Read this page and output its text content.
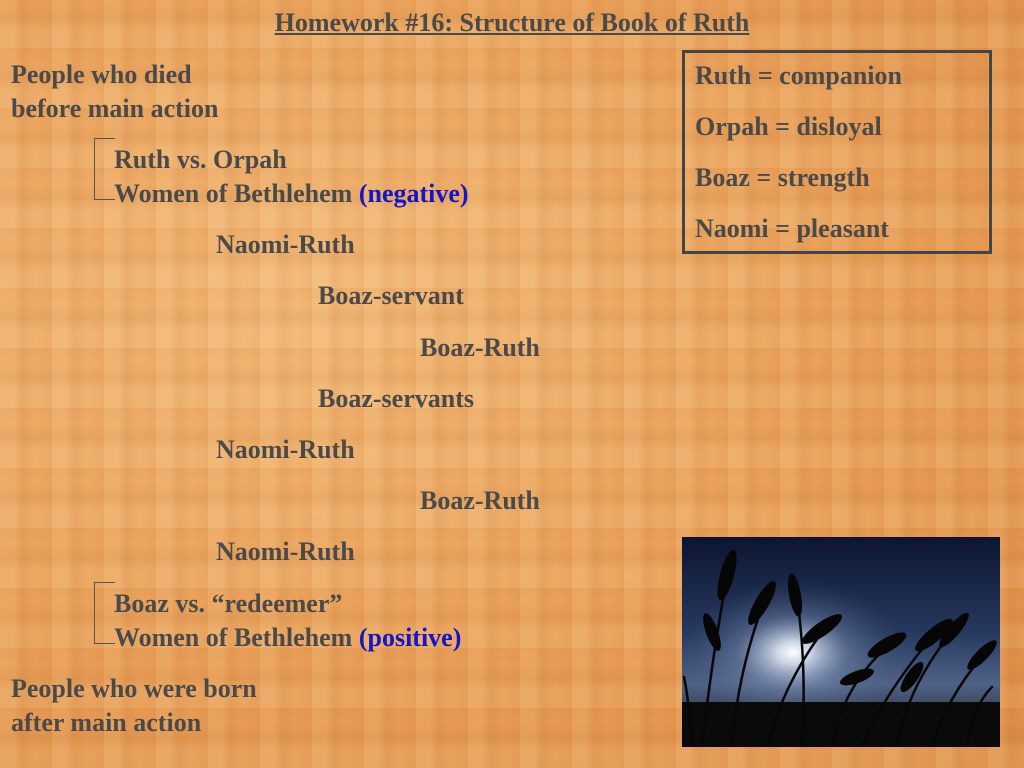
Homework #16: Structure of Book of Ruth
People who died
before main action
Ruth vs. Orpah
Women of Bethlehem (negative)
Naomi-Ruth
Boaz-servant
Boaz-Ruth
Boaz-servants
Naomi-Ruth
Boaz-Ruth
Naomi-Ruth
Boaz vs. “redeemer”
Women of Bethlehem (positive)
People who were born
after main action
Ruth = companion
Orpah = disloyal
Boaz = strength
Naomi = pleasant
